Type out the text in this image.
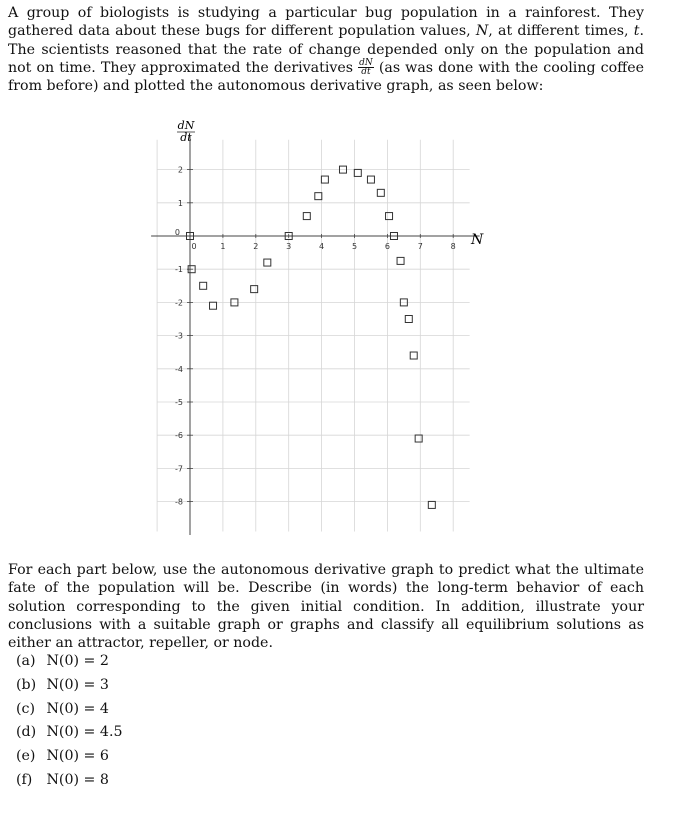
A group of biologists is studying a particular bug population in a rainforest. They gathered data about these bugs for different population values, N, at different times, t. The scientists reasoned that the rate of change depended only on the population and not on time. They approximated the derivatives $\frac{dN}{dt} (as$ was done with the cooling coffee from before) and plotted the autonomous derivative graph, as seen below:

0	1	2	3	4	5	6	7	8
2
1
0
-1
-2
-3
-4
-5
-6
-7
-8
dN
dt
N

For each part below, use the autonomous derivative graph to predict what the ultimate fate of the population will be. Describe (in words) the long-term behavior of each solution corresponding to the given initial condition. In addition, illustrate your conclusions with a suitable graph or graphs and classify all equilibrium solutions as either an attractor, repeller, or node.

(a) N(0) = 2
(b) N(0) = 3
(c) N(0) = 4
(d) N(0) = 4.5
(e) N(0) = 6
(f) N(0) = 8
